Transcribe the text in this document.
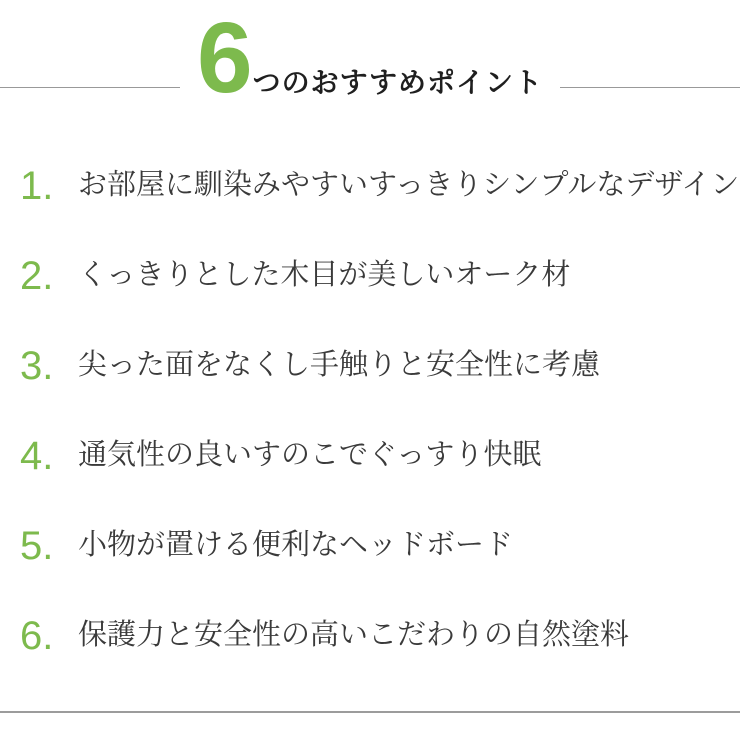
6 つのおすすめポイント
1. お部屋に馴染みやすいすっきりシンプルなデザイン
2. くっきりとした木目が美しいオーク材
3. 尖った面をなくし手触りと安全性に考慮
4. 通気性の良いすのこでぐっすり快眠
5. 小物が置ける便利なヘッドボード
6. 保護力と安全性の高いこだわりの自然塗料
